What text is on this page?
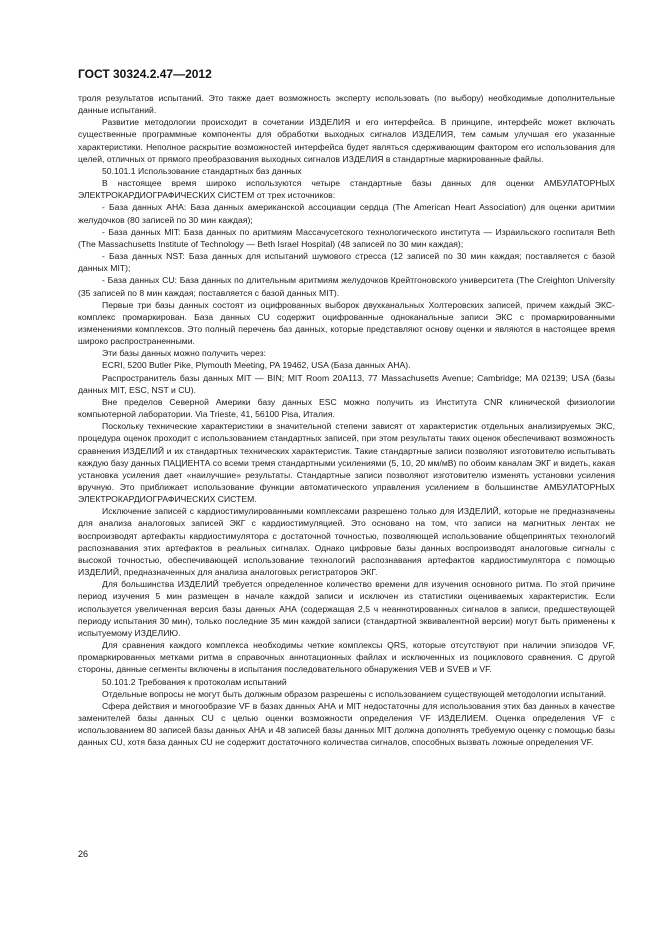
ГОСТ 30324.2.47—2012

троля результатов испытаний. Это также дает возможность эксперту использовать (по выбору) необходимые дополнительные данные испытаний.

Развитие методологии происходит в сочетании ИЗДЕЛИЯ и его интерфейса. В принципе, интерфейс может включать существенные программные компоненты для обработки выходных сигналов ИЗДЕЛИЯ, тем самым улучшая его указанные характеристики. Неполное раскрытие возможностей интерфейса будет являться сдерживающим фактором его использования для целей, отличных от прямого преобразования выходных сигналов ИЗДЕЛИЯ в стандартные маркированные файлы.

50.101.1 Использование стандартных баз данных

В настоящее время широко используются четыре стандартные базы данных для оценки АМБУЛАТОРНЫХ ЭЛЕКТРОКАРДИОГРАФИЧЕСКИХ СИСТЕМ от трех источников:

- База данных АНА: База данных американской ассоциации сердца (The American Heart Association) для оценки аритмии желудочков (80 записей по 30 мин каждая);

- База данных MIT: База данных по аритмиям Массачусетского технологического института — Израильского госпиталя Beth (The Massachusetts Institute of Technology — Beth Israel Hospital) (48 записей по 30 мин каждая);

- База данных NST: База данных для испытаний шумового стресса (12 записей по 30 мин каждая; поставляется с базой данных MIT);

- База данных CU: База данных по длительным аритмиям желудочков Крейтгоновского университета (The Creighton University (35 записей по 8 мин каждая; поставляется с базой данных MIT).

Первые три базы данных состоят из оцифрованных выборок двухканальных Холтеровских записей, причем каждый ЭКС-комплекс промаркирован. База данных CU содержит оцифрованные одноканальные записи ЭКС с промаркированными изменениями комплексов. Это полный перечень баз данных, которые представляют основу оценки и являются в настоящее время широко распространенными.

Эти базы данных можно получить через:

ECRI, 5200 Butler Pike, Plymouth Meeting, PA 19462, USA (База данных АНА).

Распространитель базы данных MIT — BIN; MIT Room 20A113, 77 Massachusetts Avenue; Cambridge; MA 02139; USA (базы данных MIT, ESC, NST и CU).

Вне пределов Северной Америки базу данных ESC можно получить из Института CNR клинической физиологии компьютерной лаборатории. Via Trieste, 41, 56100 Pisa, Италия.

Поскольку технические характеристики в значительной степени зависят от характеристик отдельных анализируемых ЭКС, процедура оценок проходит с использованием стандартных записей, при этом результаты таких оценок обеспечивают возможность сравнения ИЗДЕЛИЙ и их стандартных технических характеристик. Такие стандартные записи позволяют изготовителю испытывать каждую базу данных ПАЦИЕНТА со всеми тремя стандартными усилениями (5, 10, 20 мм/мВ) по обоим каналам ЭКГ и видеть, какая установка усиления дает «наилучшие» результаты. Стандартные записи позволяют изготовителю изменять установки усиления вручную. Это приближает использование функции автоматического управления усилением в большинстве АМБУЛАТОРНЫХ ЭЛЕКТРОКАРДИОГРАФИЧЕСКИХ СИСТЕМ.

Исключение записей с кардиостимулированными комплексами разрешено только для ИЗДЕЛИЙ, которые не предназначены для анализа аналоговых записей ЭКГ с кардиостимуляцией. Это основано на том, что записи на магнитных лентах не воспроизводят артефакты кардиостимулятора с достаточной точностью, позволяющей использование общепринятых технологий распознавания этих артефактов в реальных сигналах. Однако цифровые базы данных воспроизводят аналоговые сигналы с высокой точностью, обеспечивающей использование технологий распознавания артефактов кардиостимулятора с помощью ИЗДЕЛИЙ, предназначенных для анализа аналоговых регистраторов ЭКГ.

Для большинства ИЗДЕЛИЙ требуется определенное количество времени для изучения основного ритма. По этой причине период изучения 5 мин размещен в начале каждой записи и исключен из статистики оцениваемых характеристик. Если используется увеличенная версия базы данных АНА (содержащая 2,5 ч неаннотированных сигналов в записи, предшествующей периоду испытания 30 мин), только последние 35 мин каждой записи (стандартной эквивалентной версии) могут быть применены к испытуемому ИЗДЕЛИЮ.

Для сравнения каждого комплекса необходимы четкие комплексы QRS, которые отсутствуют при наличии эпизодов VF, промаркированных метками ритма в справочных аннотационных файлах и исключенных из поциклового сравнения. С другой стороны, данные сегменты включены в испытания последовательного обнаружения VEB и SVEB и VF.

50.101.2 Требования к протоколам испытаний

Отдельные вопросы не могут быть должным образом разрешены с использованием существующей методологии испытаний.

Сфера действия и многообразие VF в базах данных АНА и MIT недостаточны для использования этих баз данных в качестве заменителей базы данных CU с целью оценки возможности определения VF ИЗДЕЛИЕМ. Оценка определения VF с использованием 80 записей базы данных АНА и 48 записей базы данных MIT должна дополнять требуемую оценку с помощью базы данных CU, хотя база данных CU не содержит достаточного количества сигналов, способных вызвать ложные определения VF.

26
